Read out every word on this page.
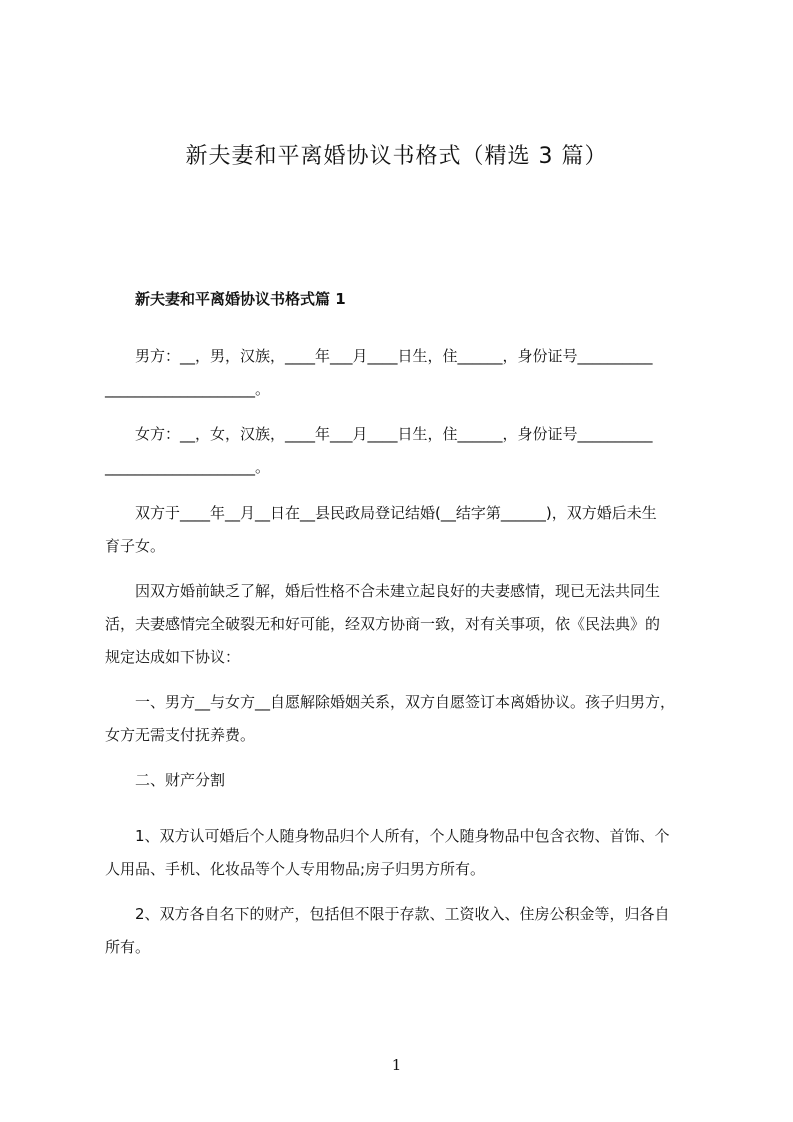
新夫妻和平离婚协议书格式（精选 3 篇）
新夫妻和平离婚协议书格式篇 1
男方：__，男，汉族，____年___月____日生，住______，身份证号__________
____________________。
女方：__，女，汉族，____年___月____日生，住______，身份证号__________
____________________。
双方于____年__月__日在__县民政局登记结婚(__结字第______)，双方婚后未生
育子女。
因双方婚前缺乏了解，婚后性格不合未建立起良好的夫妻感情，现已无法共同生
活，夫妻感情完全破裂无和好可能，经双方协商一致，对有关事项，依《民法典》的
规定达成如下协议：
一、男方__与女方__自愿解除婚姻关系，双方自愿签订本离婚协议。孩子归男方，
女方无需支付抚养费。
二、财产分割
1、双方认可婚后个人随身物品归个人所有，个人随身物品中包含衣物、首饰、个
人用品、手机、化妆品等个人专用物品;房子归男方所有。
2、双方各自名下的财产，包括但不限于存款、工资收入、住房公积金等，归各自
所有。
1
